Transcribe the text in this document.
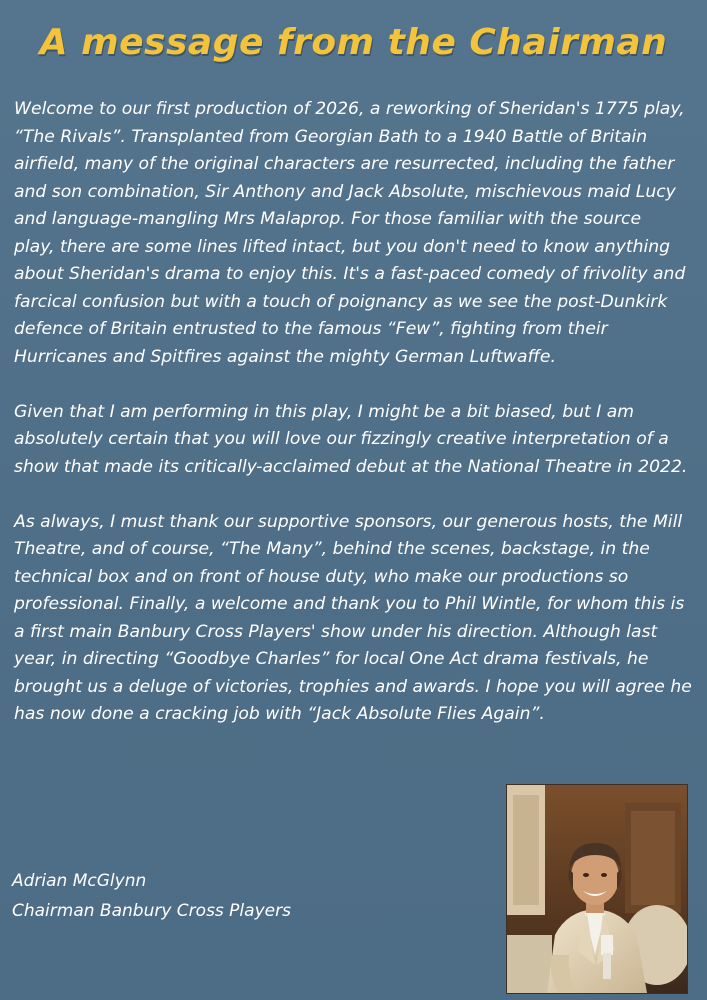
A message from the Chairman
Welcome to our first production of 2026, a reworking of Sheridan's 1775 play,
“The Rivals”. Transplanted from Georgian Bath to a 1940 Battle of Britain
airfield, many of the original characters are resurrected, including the father
and son combination, Sir Anthony and Jack Absolute, mischievous maid Lucy
and language-mangling Mrs Malaprop. For those familiar with the source
play, there are some lines lifted intact, but you don't need to know anything
about Sheridan's drama to enjoy this. It's a fast-paced comedy of frivolity and
farcical confusion but with a touch of poignancy as we see the post-Dunkirk
defence of Britain entrusted to the famous “Few”, fighting from their
Hurricanes and Spitfires against the mighty German Luftwaffe.
Given that I am performing in this play, I might be a bit biased, but I am
absolutely certain that you will love our fizzingly creative interpretation of a
show that made its critically-acclaimed debut at the National Theatre in 2022.
As always, I must thank our supportive sponsors, our generous hosts, the Mill
Theatre, and of course, “The Many”, behind the scenes, backstage, in the
technical box and on front of house duty, who make our productions so
professional. Finally, a welcome and thank you to Phil Wintle, for whom this is
a first main Banbury Cross Players' show under his direction. Although last
year, in directing “Goodbye Charles” for local One Act drama festivals, he
brought us a deluge of victories, trophies and awards. I hope you will agree he
has now done a cracking job with “Jack Absolute Flies Again”.
Adrian McGlynn
Chairman Banbury Cross Players
